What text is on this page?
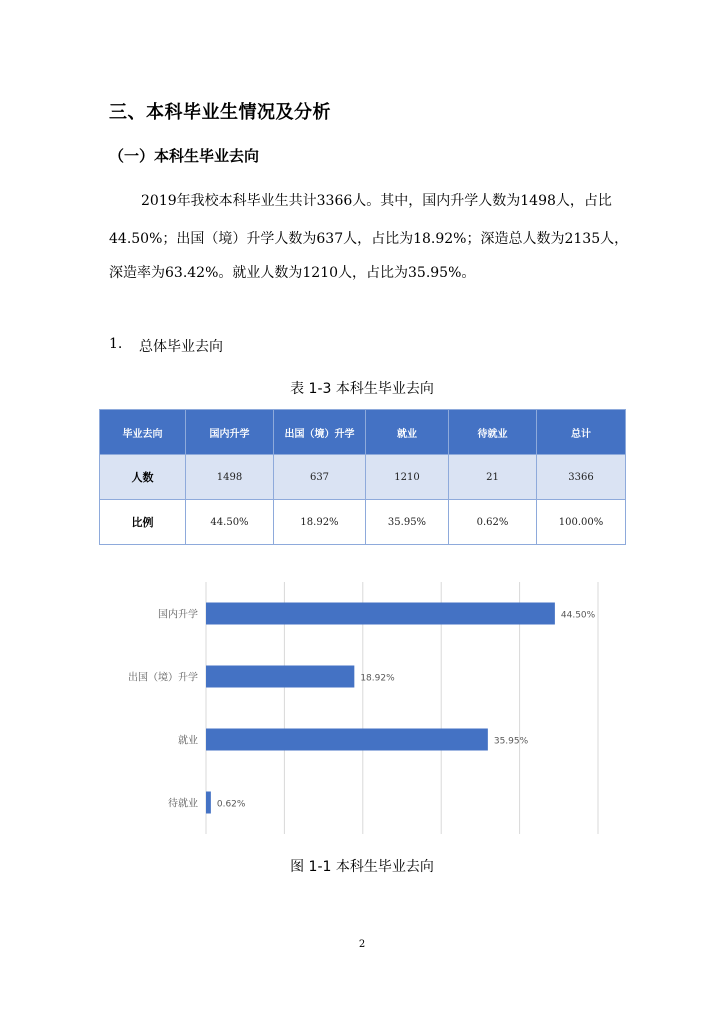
三、本科毕业生情况及分析
（一）本科生毕业去向
2019年我校本科毕业生共计3366人。其中，国内升学人数为1498人，占比
44.50%；出国（境）升学人数为637人，占比为18.92%；深造总人数为2135人，
深造率为63.42%。就业人数为1210人，占比为35.95%。
1. 总体毕业去向
表 1-3 本科生毕业去向
毕业去向	国内升学	出国（境）升学	就业	待就业	总计
人数	1498	637	1210	21	3366
比例	44.50%	18.92%	35.95%	0.62%	100.00%
国内升学	44.50%
出国（境）升学	18.92%
就业	35.95%
待就业 0.62%
图 1-1 本科生毕业去向
2
